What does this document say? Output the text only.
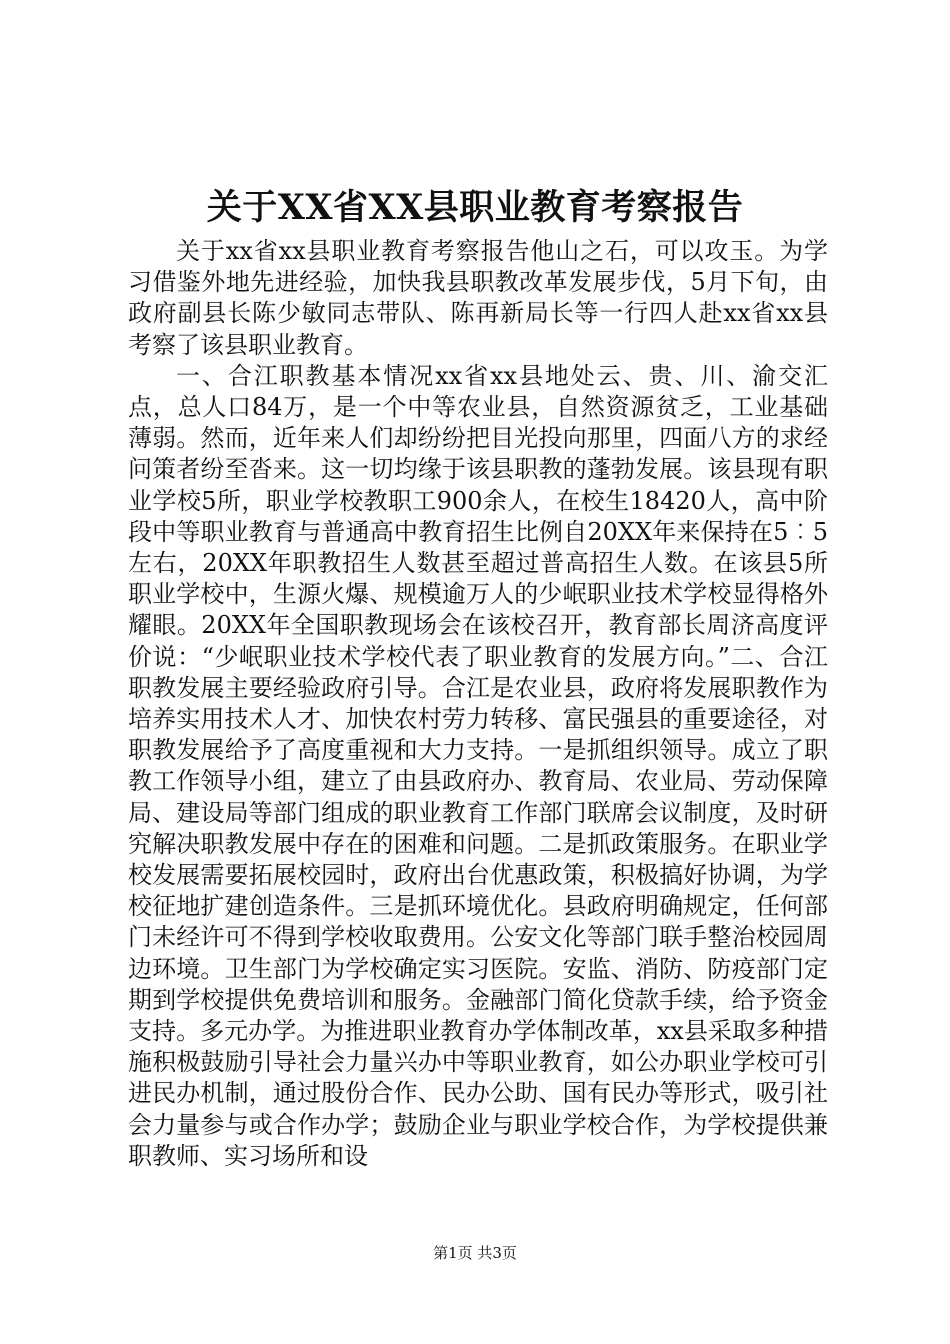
关于XX省XX县职业教育考察报告

关于xx省xx县职业教育考察报告他山之石，可以攻玉。为学习借鉴外地先进经验，加快我县职教改革发展步伐，5月下旬，由政府副县长陈少敏同志带队、陈再新局长等一行四人赴xx省xx县考察了该县职业教育。

一、合江职教基本情况xx省xx县地处云、贵、川、渝交汇点，总人口84万，是一个中等农业县，自然资源贫乏，工业基础薄弱。然而，近年来人们却纷纷把目光投向那里，四面八方的求经问策者纷至沓来。这一切均缘于该县职教的蓬勃发展。该县现有职业学校5所，职业学校教职工900余人，在校生18420人，高中阶段中等职业教育与普通高中教育招生比例自20XX年来保持在5︰5左右，20XX年职教招生人数甚至超过普高招生人数。在该县5所职业学校中，生源火爆、规模逾万人的少岷职业技术学校显得格外耀眼。20XX年全国职教现场会在该校召开，教育部长周济高度评价说：“少岷职业技术学校代表了职业教育的发展方向。”二、合江职教发展主要经验政府引导。合江是农业县，政府将发展职教作为培养实用技术人才、加快农村劳力转移、富民强县的重要途径，对职教发展给予了高度重视和大力支持。一是抓组织领导。成立了职教工作领导小组，建立了由县政府办、教育局、农业局、劳动保障局、建设局等部门组成的职业教育工作部门联席会议制度，及时研究解决职教发展中存在的困难和问题。二是抓政策服务。在职业学校发展需要拓展校园时，政府出台优惠政策，积极搞好协调，为学校征地扩建创造条件。三是抓环境优化。县政府明确规定，任何部门未经许可不得到学校收取费用。公安文化等部门联手整治校园周边环境。卫生部门为学校确定实习医院。安监、消防、防疫部门定期到学校提供免费培训和服务。金融部门简化贷款手续，给予资金支持。多元办学。为推进职业教育办学体制改革，xx县采取多种措施积极鼓励引导社会力量兴办中等职业教育，如公办职业学校可引进民办机制，通过股份合作、民办公助、国有民办等形式，吸引社会力量参与或合作办学；鼓励企业与职业学校合作，为学校提供兼职教师、实习场所和设

第1页 共3页
